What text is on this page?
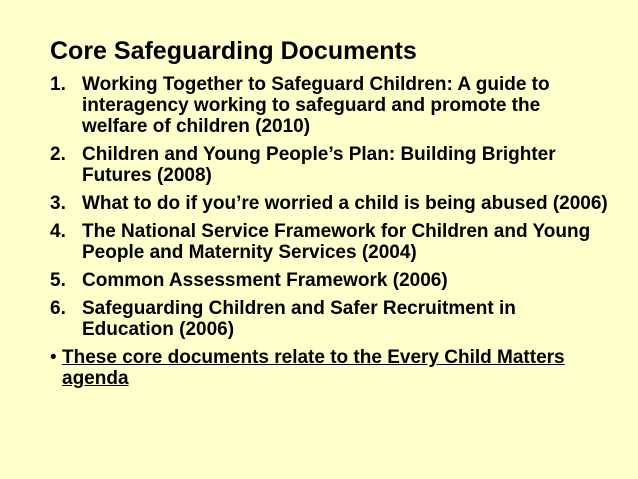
Core Safeguarding Documents
1. Working Together to Safeguard Children: A guide to interagency working to safeguard and promote the welfare of children (2010)
2. Children and Young People’s Plan: Building Brighter Futures (2008)
3. What to do if you’re worried a child is being abused (2006)
4. The National Service Framework for Children and Young People and Maternity Services (2004)
5. Common Assessment Framework (2006)
6. Safeguarding Children and Safer Recruitment in Education (2006)
• These core documents relate to the Every Child Matters agenda
